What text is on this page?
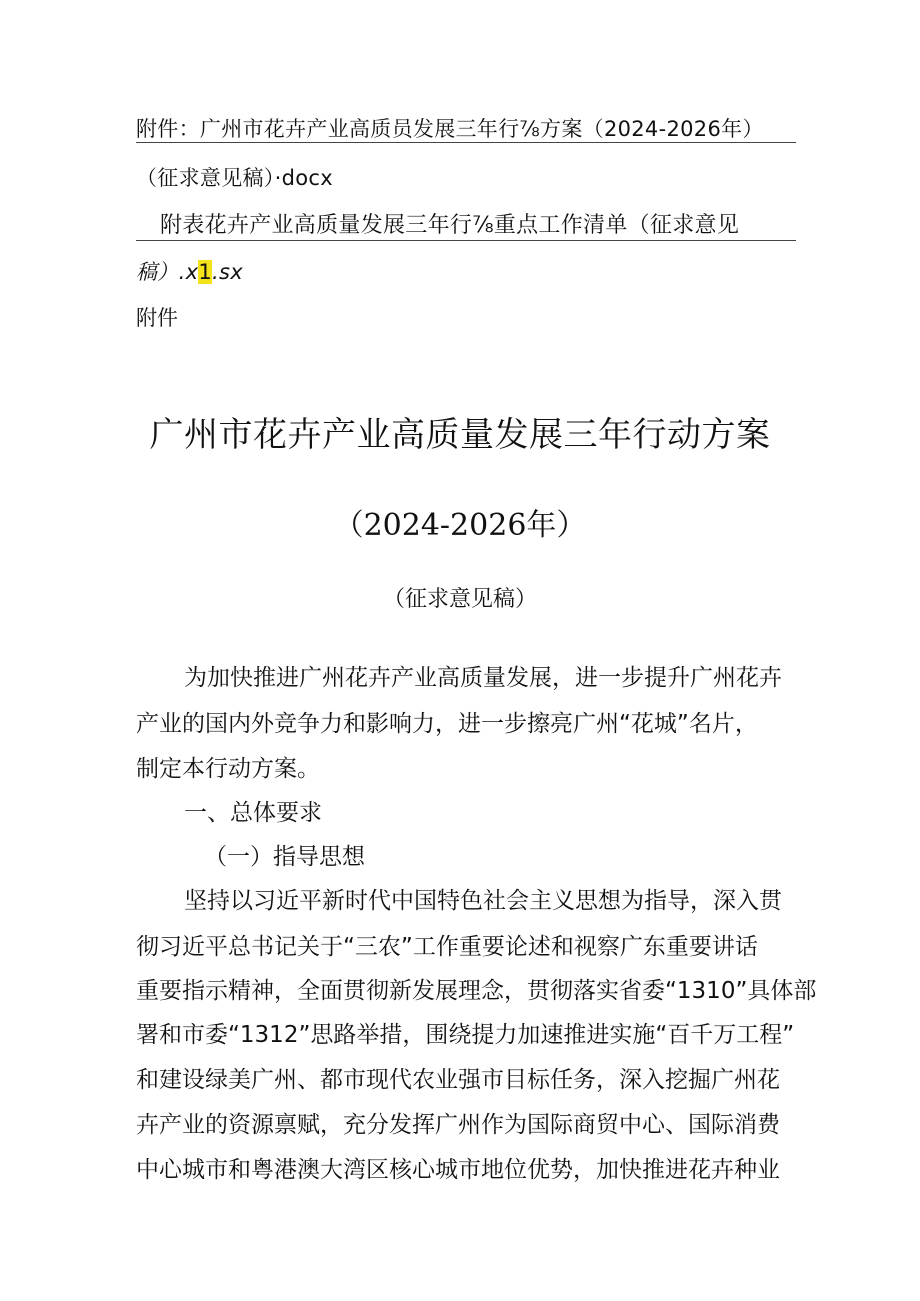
附件：广州市花卉产业高质员发展三年行⅞方案（2024-2026年）
（征求意见稿）·docx
附表花卉产业高质量发展三年行⅞重点工作清单（征求意见
稿）.x1.sx
附件
广州市花卉产业高质量发展三年行动方案
（2024-2026年）
（征求意见稿）
为加快推进广州花卉产业高质量发展，进一步提升广州花卉
产业的国内外竞争力和影响力，进一步擦亮广州“花城”名片，
制定本行动方案。
一、总体要求
（一）指导思想
坚持以习近平新时代中国特色社会主义思想为指导，深入贯
彻习近平总书记关于“三农”工作重要论述和视察广东重要讲话
重要指示精神，全面贯彻新发展理念，贯彻落实省委“1310”具体部
署和市委“1312”思路举措，围绕提力加速推进实施“百千万工程”
和建设绿美广州、都市现代农业强市目标任务，深入挖掘广州花
卉产业的资源禀赋，充分发挥广州作为国际商贸中心、国际消费
中心城市和粤港澳大湾区核心城市地位优势，加快推进花卉种业
